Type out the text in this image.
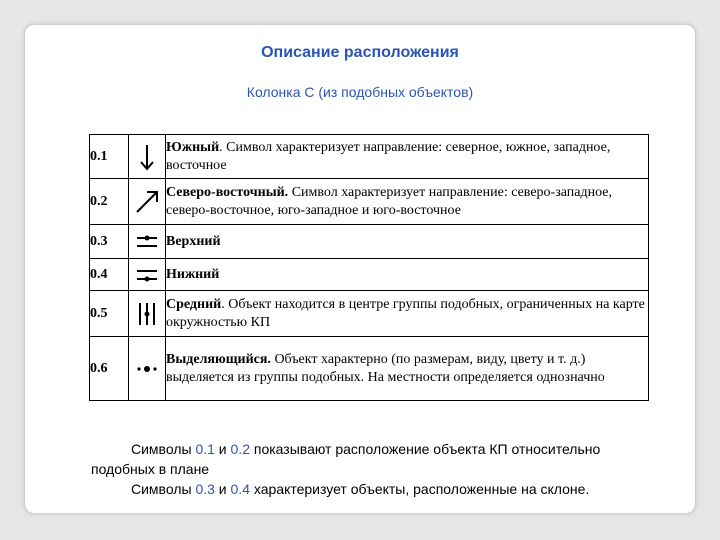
Описание расположения
Колонка С (из подобных объектов)
0.1		Южный. Символ характеризует направление: северное, южное, западное, восточное
0.2		Северо-восточный. Символ характеризует направление: северо-западное, северо-восточное, юго-западное и юго-восточное
0.3		Верхний
0.4		Нижний
0.5		Средний. Объект находится в центре группы подобных, ограниченных на карте окружностью КП
0.6		Выделяющийся. Объект характерно (по размерам, виду, цвету и т. д.) выделяется из группы подобных. На местности определяется однозначно

Символы 0.1 и 0.2 показывают расположение объекта КП относительно подобных в плане

Символы 0.3 и 0.4 характеризует объекты, расположенные на склоне.
